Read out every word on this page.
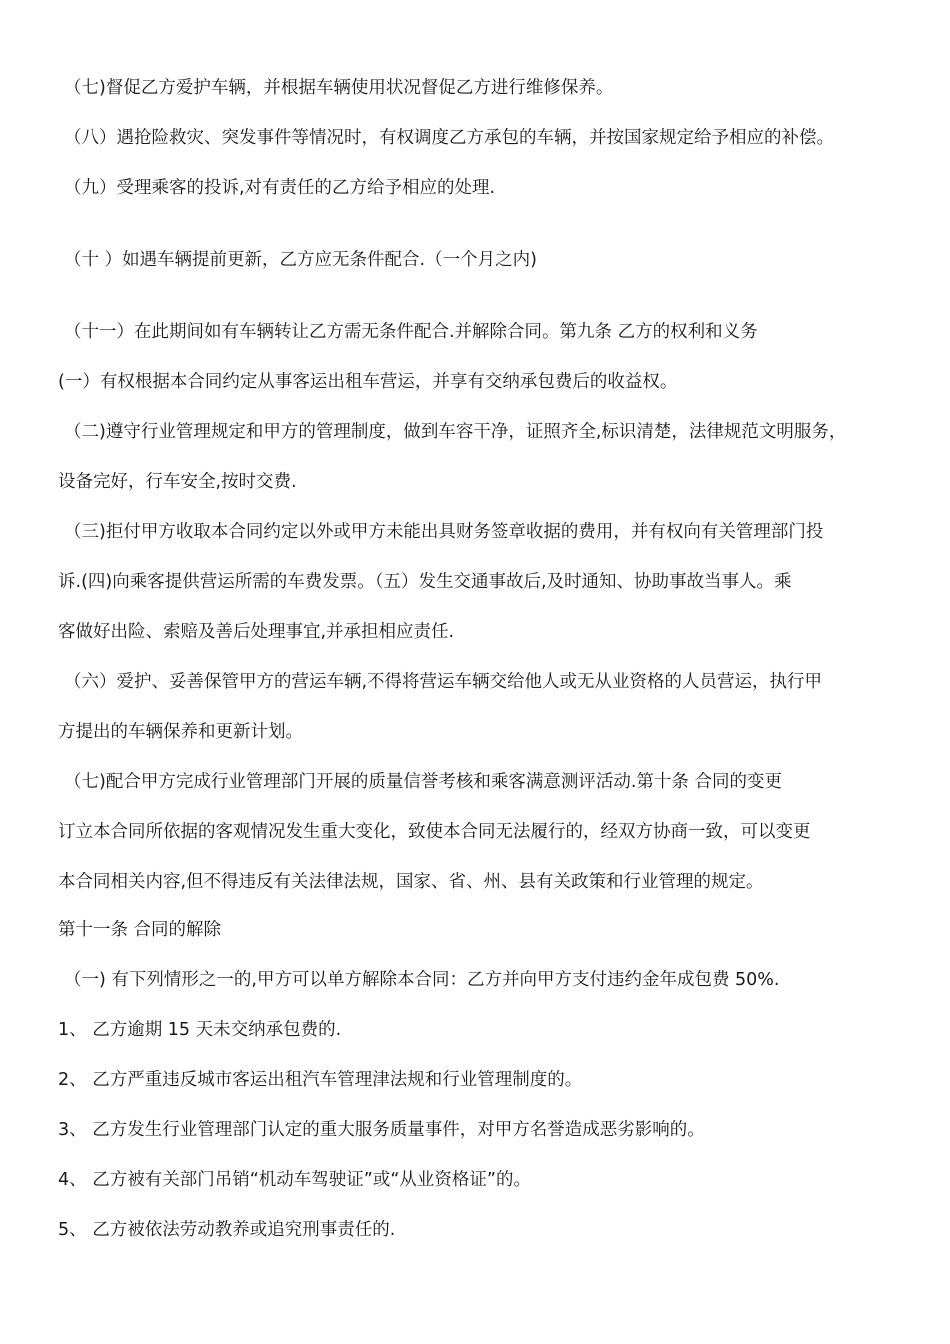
（七)督促乙方爱护车辆，并根据车辆使用状况督促乙方进行维修保养。
（八）遇抢险救灾、突发事件等情况时，有权调度乙方承包的车辆，并按国家规定给予相应的补偿。
（九）受理乘客的投诉,对有责任的乙方给予相应的处理.
（十 ）如遇车辆提前更新，乙方应无条件配合.（一个月之内)
（十一）在此期间如有车辆转让乙方需无条件配合.并解除合同。第九条 乙方的权利和义务
(一）有权根据本合同约定从事客运出租车营运，并享有交纳承包费后的收益权。
（二)遵守行业管理规定和甲方的管理制度，做到车容干净，证照齐全,标识清楚，法律规范文明服务，
设备完好，行车安全,按时交费.
（三)拒付甲方收取本合同约定以外或甲方未能出具财务签章收据的费用，并有权向有关管理部门投
诉.(四)向乘客提供营运所需的车费发票。（五）发生交通事故后,及时通知、协助事故当事人。乘
客做好出险、索赔及善后处理事宜,并承担相应责任.
（六）爱护、妥善保管甲方的营运车辆,不得将营运车辆交给他人或无从业资格的人员营运，执行甲
方提出的车辆保养和更新计划。
（七)配合甲方完成行业管理部门开展的质量信誉考核和乘客满意测评活动.第十条 合同的变更
订立本合同所依据的客观情况发生重大变化，致使本合同无法履行的，经双方协商一致，可以变更
本合同相关内容,但不得违反有关法律法规，国家、省、州、县有关政策和行业管理的规定。
第十一条 合同的解除
（一) 有下列情形之一的,甲方可以单方解除本合同：乙方并向甲方支付违约金年成包费 50%.
1、 乙方逾期 15 天未交纳承包费的.
2、 乙方严重违反城市客运出租汽车管理津法规和行业管理制度的。
3、 乙方发生行业管理部门认定的重大服务质量事件，对甲方名誉造成恶劣影响的。
4、 乙方被有关部门吊销“机动车驾驶证”或“从业资格证”的。
5、 乙方被依法劳动教养或追究刑事责任的.
